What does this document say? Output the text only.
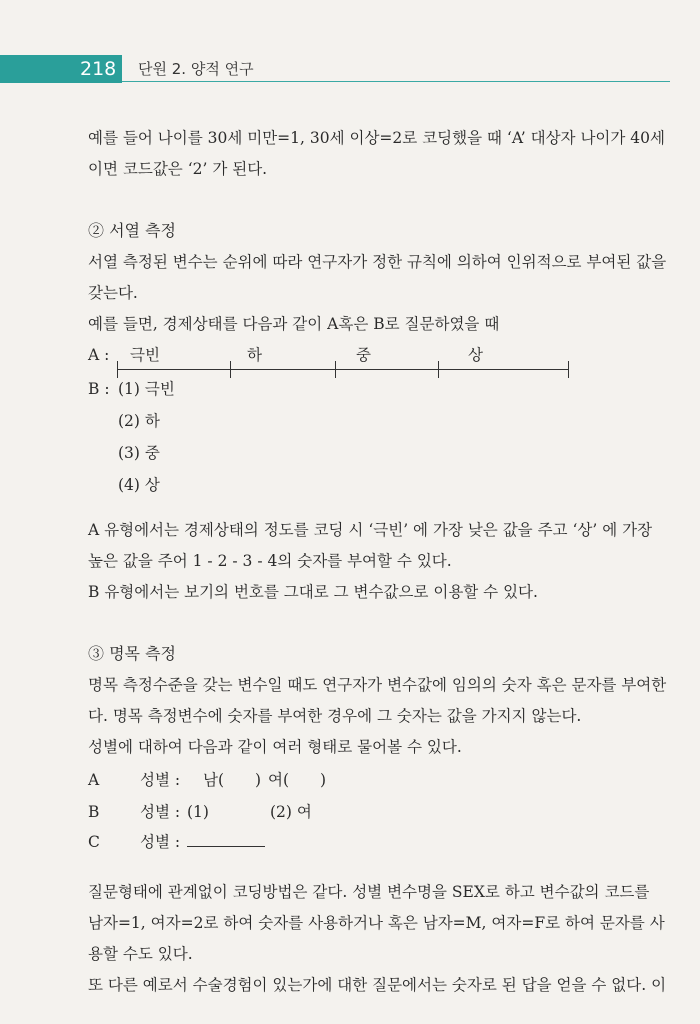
218 단원 2. 양적 연구
예를 들어 나이를 30세 미만=1, 30세 이상=2로 코딩했을 때 ‘A’ 대상자 나이가 40세
이면 코드값은 ‘2’ 가 된다.
② 서열 측정
서열 측정된 변수는 순위에 따라 연구자가 정한 규칙에 의하여 인위적으로 부여된 값을
갖는다.
예를 들면, 경제상태를 다음과 같이 A혹은 B로 질문하였을 때
A : 극빈	하	중	상
B : (1) 극빈
(2) 하
(3) 중
(4) 상
A 유형에서는 경제상태의 정도를 코딩 시 ‘극빈’ 에 가장 낮은 값을 주고 ‘상’ 에 가장
높은 값을 주어 1 - 2 - 3 - 4의 숫자를 부여할 수 있다.
B 유형에서는 보기의 번호를 그대로 그 변수값으로 이용할 수 있다.
③ 명목 측정
명목 측정수준을 갖는 변수일 때도 연구자가 변수값에 임의의 숫자 혹은 문자를 부여한
다. 명목 측정변수에 숫자를 부여한 경우에 그 숫자는 값을 가지지 않는다.
성별에 대하여 다음과 같이 여러 형태로 물어볼 수 있다.
A	성별 : 남(　　) 여(　　)
B	성별 : (1)	(2) 여
C	성별 :
질문형태에 관계없이 코딩방법은 같다. 성별 변수명을 SEX로 하고 변수값의 코드를
남자=1, 여자=2로 하여 숫자를 사용하거나 혹은 남자=M, 여자=F로 하여 문자를 사
용할 수도 있다.
또 다른 예로서 수술경험이 있는가에 대한 질문에서는 숫자로 된 답을 얻을 수 없다. 이
